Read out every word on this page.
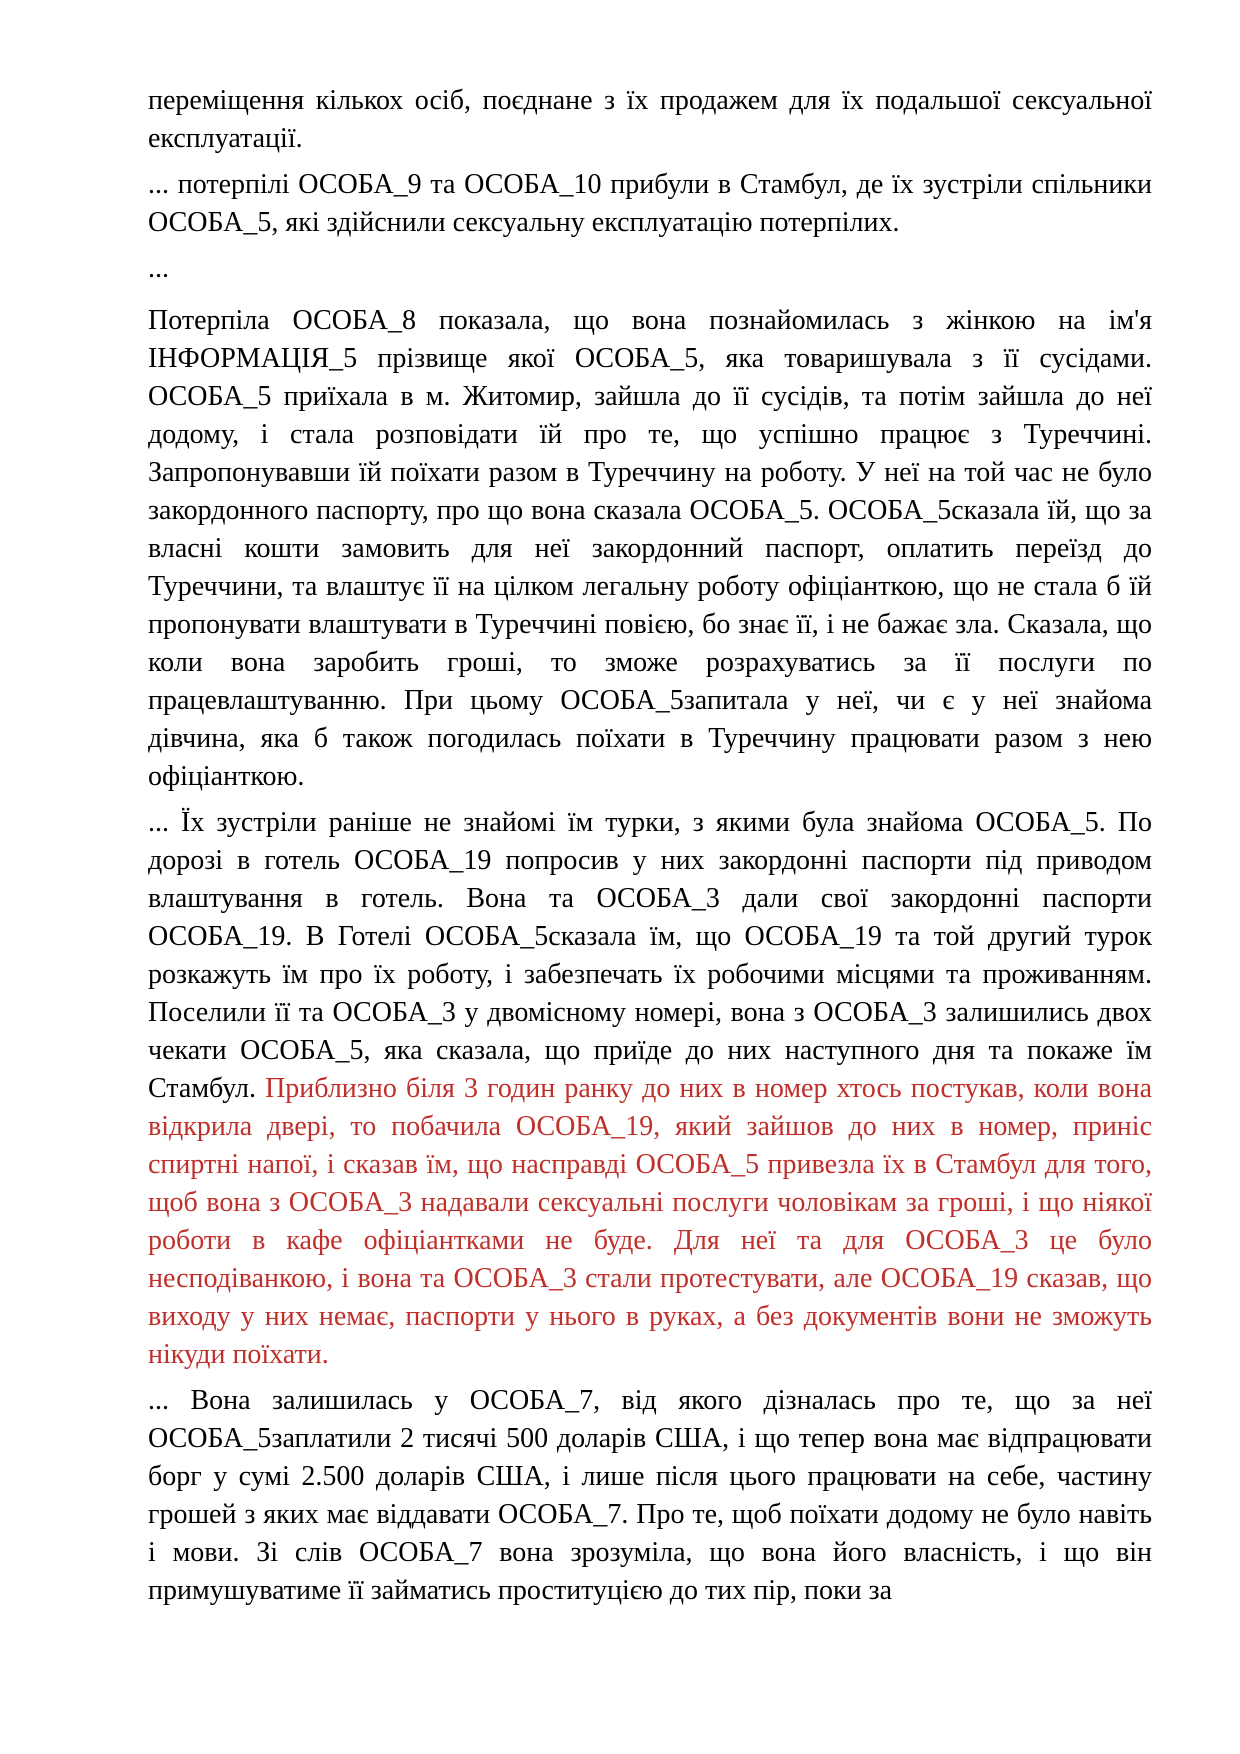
переміщення кількох осіб, поєднане з їх продажем для їх подальшої сексуальної експлуатації.

... потерпілі ОСОБА_9 та ОСОБА_10 прибули в Стамбул, де їх зустріли спільники ОСОБА_5, які здійснили сексуальну експлуатацію потерпілих.

...

Потерпіла ОСОБА_8 показала, що вона познайомилась з жінкою на ім'я ІНФОРМАЦІЯ_5 прізвище якої ОСОБА_5, яка товаришувала з її сусідами. ОСОБА_5 приїхала в м. Житомир, зайшла до її сусідів, та потім зайшла до неї додому, і стала розповідати їй про те, що успішно працює з Туреччині. Запропонувавши їй поїхати разом в Туреччину на роботу. У неї на той час не було закордонного паспорту, про що вона сказала ОСОБА_5. ОСОБА_5сказала їй, що за власні кошти замовить для неї закордонний паспорт, оплатить переїзд до Туреччини, та влаштує її на цілком легальну роботу офіціанткою, що не стала б їй пропонувати влаштувати в Туреччині повією, бо знає її, і не бажає зла. Сказала, що коли вона заробить гроші, то зможе розрахуватись за її послуги по працевлаштуванню. При цьому ОСОБА_5запитала у неї, чи є у неї знайома дівчина, яка б також погодилась поїхати в Туреччину працювати разом з нею офіціанткою.

... Їх зустріли раніше не знайомі їм турки, з якими була знайома ОСОБА_5. По дорозі в готель ОСОБА_19 попросив у них закордонні паспорти під приводом влаштування в готель. Вона та ОСОБА_3 дали свої закордонні паспорти ОСОБА_19. В Готелі ОСОБА_5сказала їм, що ОСОБА_19 та той другий турок розкажуть їм про їх роботу, і забезпечать їх робочими місцями та проживанням. Поселили її та ОСОБА_3 у двомісному номері, вона з ОСОБА_3 залишились двох чекати ОСОБА_5, яка сказала, що приїде до них наступного дня та покаже їм Стамбул. Приблизно біля 3 годин ранку до них в номер хтось постукав, коли вона відкрила двері, то побачила ОСОБА_19, який зайшов до них в номер, приніс спиртні напої, і сказав їм, що насправді ОСОБА_5 привезла їх в Стамбул для того, щоб вона з ОСОБА_3 надавали сексуальні послуги чоловікам за гроші, і що ніякої роботи в кафе офіціантками не буде. Для неї та для ОСОБА_3 це було несподіванкою, і вона та ОСОБА_3 стали протестувати, але ОСОБА_19 сказав, що виходу у них немає, паспорти у нього в руках, а без документів вони не зможуть нікуди поїхати.

... Вона залишилась у ОСОБА_7, від якого дізналась про те, що за неї ОСОБА_5заплатили 2 тисячі 500 доларів США, і що тепер вона має відпрацювати борг у сумі 2.500 доларів США, і лише після цього працювати на себе, частину грошей з яких має віддавати ОСОБА_7. Про те, щоб поїхати додому не було навіть і мови. Зі слів ОСОБА_7 вона зрозуміла, що вона його власність, і що він примушуватиме її займатись проституцією до тих пір, поки за
